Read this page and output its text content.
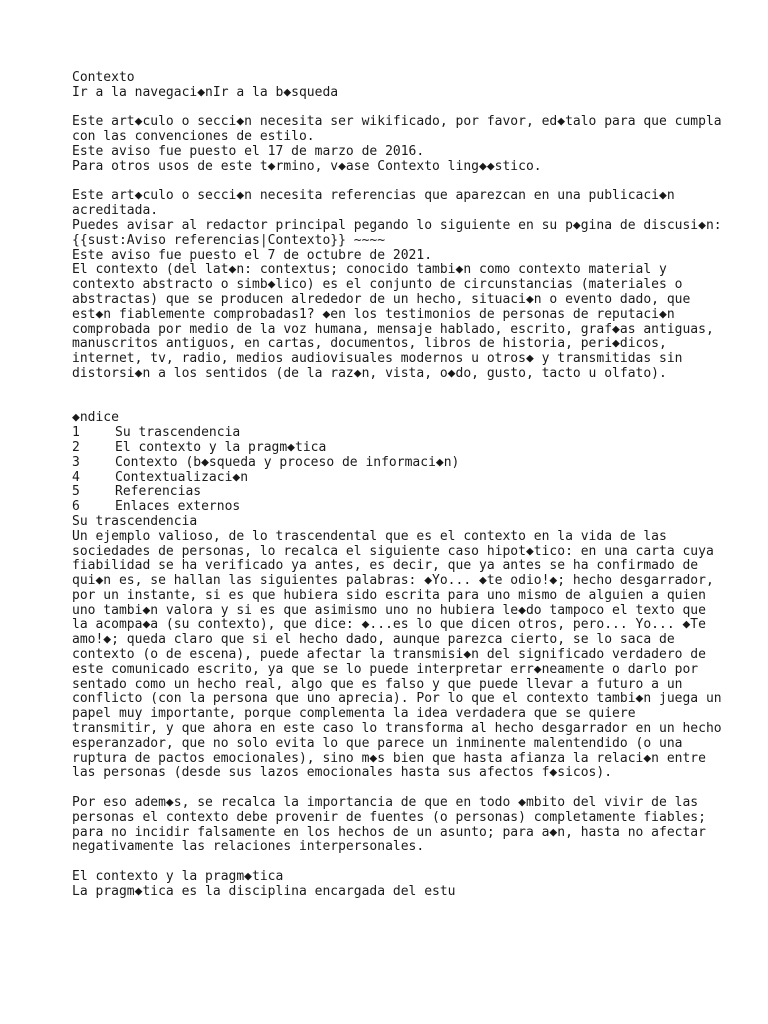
Contexto
Ir a la navegaci◆nIr a la b◆squeda
Este art◆culo o secci◆n necesita ser wikificado, por favor, ed◆talo para que cumpla
con las convenciones de estilo.
Este aviso fue puesto el 17 de marzo de 2016.
Para otros usos de este t◆rmino, v◆ase Contexto ling◆◆stico.
Este art◆culo o secci◆n necesita referencias que aparezcan en una publicaci◆n
acreditada.
Puedes avisar al redactor principal pegando lo siguiente en su p◆gina de discusi◆n:
{{sust:Aviso referencias|Contexto}} ~~~~
Este aviso fue puesto el 7 de octubre de 2021.
El contexto (del lat◆n: contextus; conocido tambi◆n como contexto material y
contexto abstracto o simb◆lico) es el conjunto de circunstancias (materiales o
abstractas) que se producen alrededor de un hecho, situaci◆n o evento dado, que
est◆n fiablemente comprobadas1? ◆en los testimonios de personas de reputaci◆n
comprobada por medio de la voz humana, mensaje hablado, escrito, graf◆as antiguas,
manuscritos antiguos, en cartas, documentos, libros de historia, peri◆dicos,
internet, tv, radio, medios audiovisuales modernos u otros◆ y transmitidas sin
distorsi◆n a los sentidos (de la raz◆n, vista, o◆do, gusto, tacto u olfato).
◆ndice
1	Su trascendencia
2	El contexto y la pragm◆tica
3	Contexto (b◆squeda y proceso de informaci◆n)
4	Contextualizaci◆n
5	Referencias
6	Enlaces externos
Su trascendencia
Un ejemplo valioso, de lo trascendental que es el contexto en la vida de las
sociedades de personas, lo recalca el siguiente caso hipot◆tico: en una carta cuya
fiabilidad se ha verificado ya antes, es decir, que ya antes se ha confirmado de
qui◆n es, se hallan las siguientes palabras: ◆Yo... ◆te odio!◆; hecho desgarrador,
por un instante, si es que hubiera sido escrita para uno mismo de alguien a quien
uno tambi◆n valora y si es que asimismo uno no hubiera le◆do tampoco el texto que
la acompa◆a (su contexto), que dice: ◆...es lo que dicen otros, pero... Yo... ◆Te
amo!◆; queda claro que si el hecho dado, aunque parezca cierto, se lo saca de
contexto (o de escena), puede afectar la transmisi◆n del significado verdadero de
este comunicado escrito, ya que se lo puede interpretar err◆neamente o darlo por
sentado como un hecho real, algo que es falso y que puede llevar a futuro a un
conflicto (con la persona que uno aprecia). Por lo que el contexto tambi◆n juega un
papel muy importante, porque complementa la idea verdadera que se quiere
transmitir, y que ahora en este caso lo transforma al hecho desgarrador en un hecho
esperanzador, que no solo evita lo que parece un inminente malentendido (o una
ruptura de pactos emocionales), sino m◆s bien que hasta afianza la relaci◆n entre
las personas (desde sus lazos emocionales hasta sus afectos f◆sicos).
Por eso adem◆s, se recalca la importancia de que en todo ◆mbito del vivir de las
personas el contexto debe provenir de fuentes (o personas) completamente fiables;
para no incidir falsamente en los hechos de un asunto; para a◆n, hasta no afectar
negativamente las relaciones interpersonales.
El contexto y la pragm◆tica
La pragm◆tica es la disciplina encargada del estu
